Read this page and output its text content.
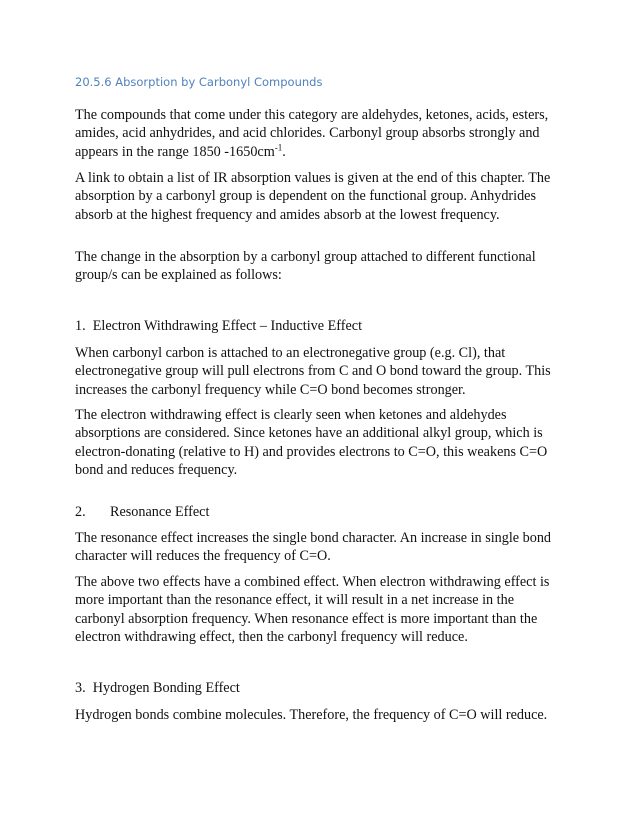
20.5.6 Absorption by Carbonyl Compounds

The compounds that come under this category are aldehydes, ketones, acids, esters, amides, acid anhydrides, and acid chlorides. Carbonyl group absorbs strongly and appears in the range 1850 $-1650cm^{-1}$.

A link to obtain a list of IR absorption values is given at the end of this chapter. The absorption by a carbonyl group is dependent on the functional group. Anhydrides absorb at the highest frequency and amides absorb at the lowest frequency.

The change in the absorption by a carbonyl group attached to different functional group/s can be explained as follows:

1. Electron Withdrawing Effect – Inductive Effect

When carbonyl carbon is attached to an electronegative group (e.g. Cl), that electronegative group will pull electrons from C and O bond toward the group. This increases the carbonyl frequency while C=O bond becomes stronger.

The electron withdrawing effect is clearly seen when ketones and aldehydes absorptions are considered. Since ketones have an additional alkyl group, which is electron-donating (relative to H) and provides electrons to C=O, this weakens C=O bond and reduces frequency.

2. Resonance Effect

The resonance effect increases the single bond character. An increase in single bond character will reduces the frequency of C=O.

The above two effects have a combined effect. When electron withdrawing effect is more important than the resonance effect, it will result in a net increase in the carbonyl absorption frequency. When resonance effect is more important than the electron withdrawing effect, then the carbonyl frequency will reduce.

3. Hydrogen Bonding Effect

Hydrogen bonds combine molecules. Therefore, the frequency of C=O will reduce.
